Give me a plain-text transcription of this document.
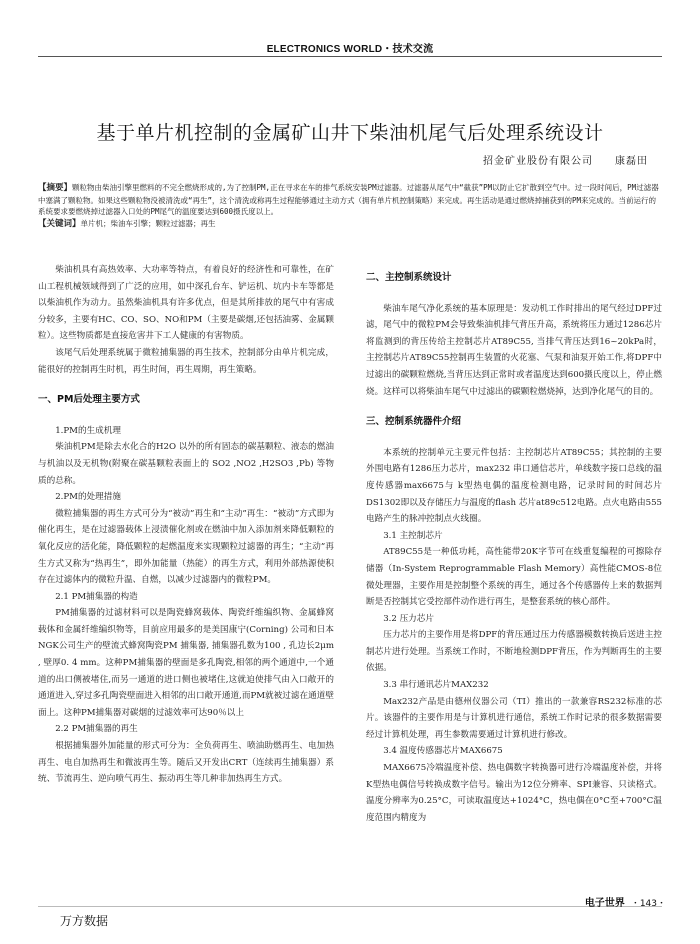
ELECTRONICS WORLD・技术交流
基于单片机控制的金属矿山井下柴油机尾气后处理系统设计
招金矿业股份有限公司 康磊田

【摘要】颗粒物由柴油引擎里燃料的不完全燃烧形成的,为了控制PM,正在寻求在车的排气系统安装PM过滤器。过滤器从尾气中“截获”PM以防止它扩散到空气中。过一段时间后，PM过滤器中塞满了颗粒物。如果这些颗粒物没被清洗或“再生”，这个清洗或称再生过程能够通过主动方式（拥有单片机控制策略）来完成。再生活动是通过燃烧掉捕获到的PM来完成的。当前运行的系统要求要燃烧掉过滤器入口处的PM尾气的温度要达到600摄氏度以上。

【关键词】单片机；柴油车引擎；颗粒过滤器；再生

柴油机具有高热效率、大功率等特点，有着良好的经济性和可靠性，在矿山工程机械领域得到了广泛的应用，如中深孔台车、铲运机、坑内卡车等都是以柴油机作为动力。虽然柴油机具有许多优点，但是其所排放的尾气中有害成分较多，主要有HC、CO、SO、NO和PM（主要是碳烟,还包括油雾、金属颗粒）。这些物质都是直接危害井下工人健康的有害物质。

该尾气后处理系统属于微粒捕集器的再生技术，控制部分由单片机完成，能很好的控制再生时机，再生时间，再生周期，再生策略。

一、PM后处理主要方式

1.PM的生成机理

柴油机PM是除去水化合的H2O 以外的所有固态的碳基颗粒、液态的燃油与机油以及无机物(附聚在碳基颗粒表面上的 SO2 ,NO2 ,H2SO3 ,Pb) 等物质的总称。

2.PM的处理措施

微粒捕集器的再生方式可分为“被动”再生和“主动”再生：“被动”方式即为催化再生，是在过滤器载体上浸渍催化剂或在燃油中加入添加剂来降低颗粒的氧化反应的活化能，降低颗粒的起燃温度来实现颗粒过滤器的再生；“主动”再生方式又称为“热再生”，即外加能量（热能）的再生方式，利用外部热源使积存在过滤体内的微粒升温、自燃，以减少过滤器内的微粒PM。

2.1 PM捕集器的构造

PM捕集器的过滤材料可以是陶瓷蜂窝载体、陶瓷纤维编织物、金属蜂窝载体和金属纤维编织物等，目前应用最多的是美国康宁(Corning) 公司和日本NGK公司生产的壁流式蜂窝陶瓷PM 捕集器, 捕集器孔数为100 , 孔边长2μm , 壁厚0. 4 mm。这种PM捕集器的壁面是多孔陶瓷,相邻的两个通道中,一个通道的出口侧被堵住,而另一通道的进口侧也被堵住,这就迫使排气由入口敞开的通道进入,穿过多孔陶瓷壁面进入相邻的出口敞开通道,而PM就被过滤在通道壁面上。这种PM捕集器对碳烟的过滤效率可达90％以上

2.2 PM捕集器的再生

根据捕集器外加能量的形式可分为：全负荷再生、喷油助燃再生、电加热再生、电自加热再生和微波再生等。随后又开发出CRT（连续再生捕集器）系统、节流再生、逆向喷气再生、振动再生等几种非加热再生方式。

二、主控制系统设计

柴油车尾气净化系统的基本原理是：发动机工作时排出的尾气经过DPF过滤，尾气中的微粒PM会导致柴油机排气背压升高，系统将压力通过1286芯片将监测到的背压传给主控制芯片AT89C55, 当排气背压达到16~20kPa时，主控制芯片AT89C55控制再生装置的火花塞、气泵和油泵开始工作,将DPF中过滤出的碳颗粒燃烧,当背压达到正常时或者温度达到600摄氏度以上，停止燃烧。这样可以将柴油车尾气中过滤出的碳颗粒燃烧掉，达到净化尾气的目的。

三、控制系统器件介绍

本系统的控制单元主要元件包括：主控制芯片AT89C55；其控制的主要外围电路有1286压力芯片，max232 串口通信芯片，单线数字接口总线的温度传感器max6675与 k型热电偶的温度检测电路，记录时间的时间芯片DS1302即以及存储压力与温度的flash 芯片at89c512电路。点火电路由555电路产生的脉冲控制点火线圈。

3.1 主控制芯片

AT89C55是一种低功耗，高性能带20K字节可在线重复编程的可擦除存储器（In-System Reprogrammable Flash Memory）高性能CMOS-8位微处理器，主要作用是控制整个系统的再生，通过各个传感器传上来的数据判断是否控制其它受控部件动作进行再生，是整套系统的核心部件。

3.2 压力芯片

压力芯片的主要作用是将DPF的背压通过压力传感器模数转换后送进主控制芯片进行处理。当系统工作时，不断地检测DPF背压，作为判断再生的主要依据。

3.3 串行通讯芯片MAX232

Max232产品是由德州仪器公司（TI）推出的一款兼容RS232标准的芯片。该器件的主要作用是与计算机进行通信，系统工作时记录的很多数据需要经过计算机处理，再生参数需要通过计算机进行修改。

3.4 温度传感器芯片MAX6675

MAX6675冷端温度补偿、热电偶数字转换器可进行冷端温度补偿，并将K型热电偶信号转换成数字信号。输出为12位分辨率、SPI兼容、只读格式。温度分辨率为0.25°C，可读取温度达+1024°C，热电偶在0°C至+700°C温度范围内精度为

电子世界 ・143・
万方数据
